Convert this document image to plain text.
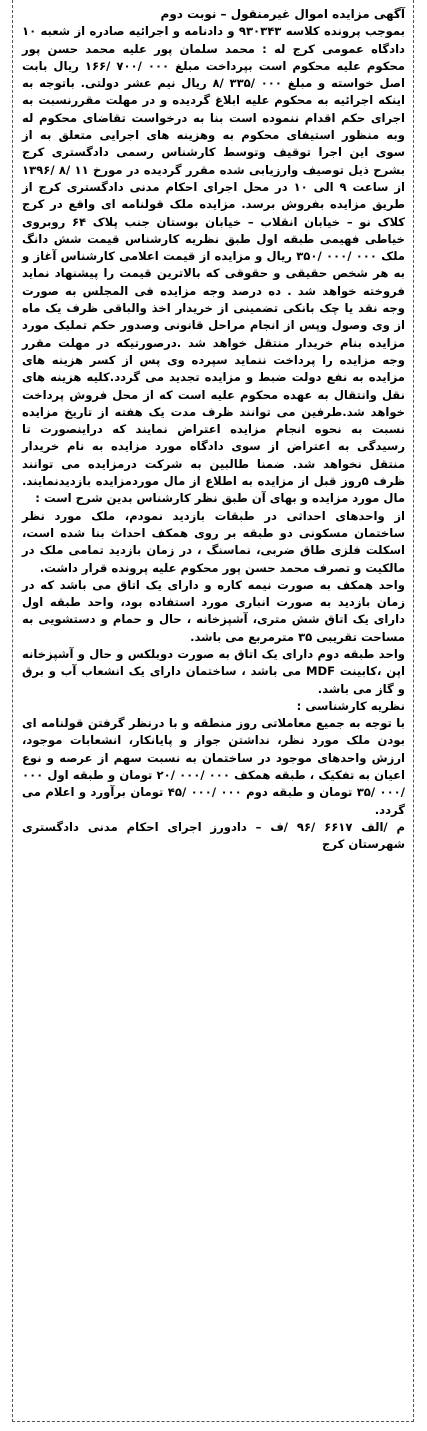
آگهی مزایده اموال غیرمنقول – نوبت دوم

بموجب پرونده کلاسه ۹۳۰۳۴۳ و دادنامه و اجرائیه صادره از شعبه ۱۰ دادگاه عمومی کرج له : محمد سلمان پور علیه محمد حسن پور محکوم علیه محکوم است بپرداخت مبلغ ۰۰۰ /۷۰۰ /۱۶۶ ریال بابت اصل خواسته و مبلغ ۰۰۰ /۳۳۵ /۸ ریال نیم عشر دولتی. باتوجه به اینکه اجرائیه به محکوم علیه ابلاغ گردیده و در مهلت مقررنسبت به اجرای حکم اقدام ننموده است بنا به درخواست تقاضای محکوم له وبه منظور استیفای محکوم به وهزینه های اجرایی متعلق به از سوی این اجرا توقیف وتوسط کارشناس رسمی دادگستری کرج بشرح ذیل توصیف وارزیابی شده مقرر گردیده در مورخ ۱۱ /۸ /۱۳۹۶ از ساعت ۹ الی ۱۰ در محل اجرای احکام مدنی دادگستری کرج از طریق مزایده بفروش برسد. مزایده ملک قولنامه ای واقع در کرج کلاک نو – خیابان انقلاب – خیابان بوستان جنب پلاک ۶۴ روبروی خیاطی فهیمی طبقه اول طبق نظریه کارشناس قیمت شش دانگ ملک ۰۰۰ /۰۰۰ /۳۵۰ ریال و مزایده از قیمت اعلامی کارشناس آغاز و به هر شخص حقیقی و حقوقی که بالاترین قیمت را پیشنهاد نماید فروخته خواهد شد . ده درصد وجه مزایده فی المجلس به صورت وجه نقد یا چک بانکی تضمینی از خریدار اخذ والباقی ظرف یک ماه از وی وصول وپس از انجام مراحل قانونی وصدور حکم تملیک مورد مزایده بنام خریدار منتقل خواهد شد .درصورتیکه در مهلت مقرر وجه مزایده را پرداخت ننماید سپرده وی پس از کسر هزینه های مزایده به نفع دولت ضبط و مزایده تجدید می گردد.کلیه هزینه های نقل وانتقال به عهده محکوم علیه است که از محل فروش پرداخت خواهد شد.طرفین می توانند ظرف مدت یک هفته از تاریخ مزایده نسبت به نحوه انجام مزایده اعتراض نمایند که دراینصورت تا رسیدگی به اعتراض از سوی دادگاه مورد مزایده به نام خریدار منتقل نخواهد شد. ضمنا طالبین به شرکت درمزایده می توانند ظرف ۵روز قبل از مزایده به اطلاع از مال موردمزایده بازدیدنمایند. مال مورد مزایده و بهای آن طبق نظر کارشناس بدین شرح است :

از واحدهای احداثی در طبقات بازدید نمودم، ملک مورد نظر ساختمان مسکونی دو طبقه بر روی همکف احداث بنا شده است، اسکلت فلزی طاق ضربی، نماسنگ ، در زمان بازدید تمامی ملک در مالکیت و تصرف محمد حسن پور محکوم علیه پرونده قرار داشت.

واحد همکف به صورت نیمه کاره و دارای یک اتاق می باشد که در زمان بازدید به صورت انباری مورد استفاده بود، واحد طبقه اول دارای یک اتاق شش متری، آشپزخانه ، حال و حمام و دستشویی به مساحت تقریبی ۳۵ مترمربع می باشد.

واحد طبقه دوم دارای یک اتاق به صورت دوبلکس و حال و آشپزخانه اپن ،کابینت MDF می باشد ، ساختمان دارای یک انشعاب آب و برق و گاز می باشد.

نظریه کارشناسی :

با توجه به جمیع معاملاتی روز منطقه و با درنظر گرفتن قولنامه ای بودن ملک مورد نظر، نداشتن جواز و پایانکار، انشعابات موجود، ارزش واحدهای موجود در ساختمان به نسبت سهم از عرصه و نوع اعیان به تفکیک ، طبقه همکف ۰۰۰ /۰۰۰ /۲۰ تومان و طبقه اول ۰۰۰ /۰۰۰ /۳۵ تومان و طبقه دوم ۰۰۰ /۰۰۰ /۴۵ تومان برآورد و اعلام می گردد.

م /الف ۶۶۱۷ /۹۶ /ف – دادورز اجرای احکام مدنی دادگستری شهرستان کرج
